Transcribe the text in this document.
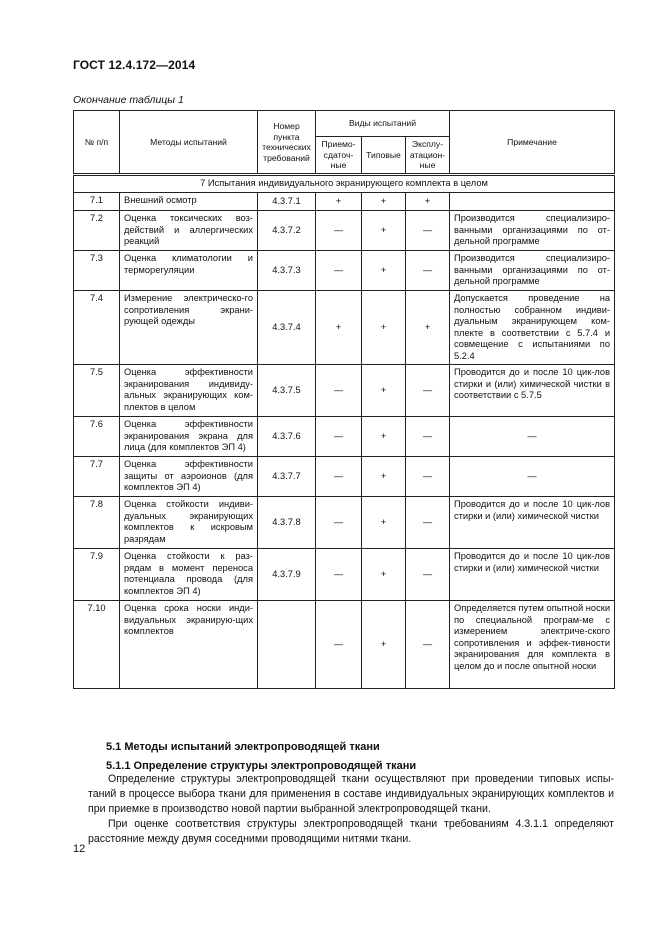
ГОСТ 12.4.172—2014
Окончание таблицы 1
№ п/п	Методы испытаний	Номер пункта технических требований	Виды испытаний			Примечание
			Приемо-сдаточ-ные	Типовые	Эксплу-атацион-ные	
7 Испытания индивидуального экранирующего комплекта в целом						
7.1	Внешний осмотр	4.3.7.1	+	+	+	
7.2	Оценка токсических воз-действий и аллергических реакций	4.3.7.2	—	+	—	Производится специализиро-ванными организациями по от-дельной программе
7.3	Оценка климатологии и терморегуляции	4.3.7.3	—	+	—	Производится специализиро-ванными организациями по от-дельной программе
7.4	Измерение электрическо-го сопротивления экрани-рующей одежды	4.3.7.4	+	+	+	Допускается проведение на полностью собранном индиви-дуальным экранирующем ком-плекте в соответствии с 5.7.4 и совмещение с испытаниями по 5.2.4
7.5	Оценка эффективности экранирования индивиду-альных экранирующих ком-плектов в целом	4.3.7.5	—	+	—	Проводится до и после 10 цик-лов стирки и (или) химической чистки в соответствии с 5.7.5
7.6	Оценка эффективности экранирования экрана для лица (для комплектов ЭП 4)	4.3.7.6	—	+	—	—
7.7	Оценка эффективности защиты от аэроионов (для комплектов ЭП 4)	4.3.7.7	—	+	—	—
7.8	Оценка стойкости индиви-дуальных экранирующих комплектов к искровым разрядам	4.3.7.8	—	+	—	Проводится до и после 10 цик-лов стирки и (или) химической чистки
7.9	Оценка стойкости к раз-рядам в момент переноса потенциала провода (для комплектов ЭП 4)	4.3.7.9	—	+	—	Проводится до и после 10 цик-лов стирки и (или) химической чистки
7.10	Оценка срока носки инди-видуальных экранирую-щих комплектов		—	+	—	Определяется путем опытной носки по специальной програм-ме с измерением электриче-ского сопротивления и эффек-тивности экранирования для комплекта в целом до и после опытной носки
5.1 Методы испытаний электропроводящей ткани
5.1.1 Определение структуры электропроводящей ткани

Определение структуры электропроводящей ткани осуществляют при проведении типовых испы-таний в процессе выбора ткани для применения в составе индивидуальных экранирующих комплектов и при приемке в производство новой партии выбранной электропроводящей ткани.

При оценке соответствия структуры электропроводящей ткани требованиям 4.3.1.1 определяют расстояние между двумя соседними проводящими нитями ткани.

12
